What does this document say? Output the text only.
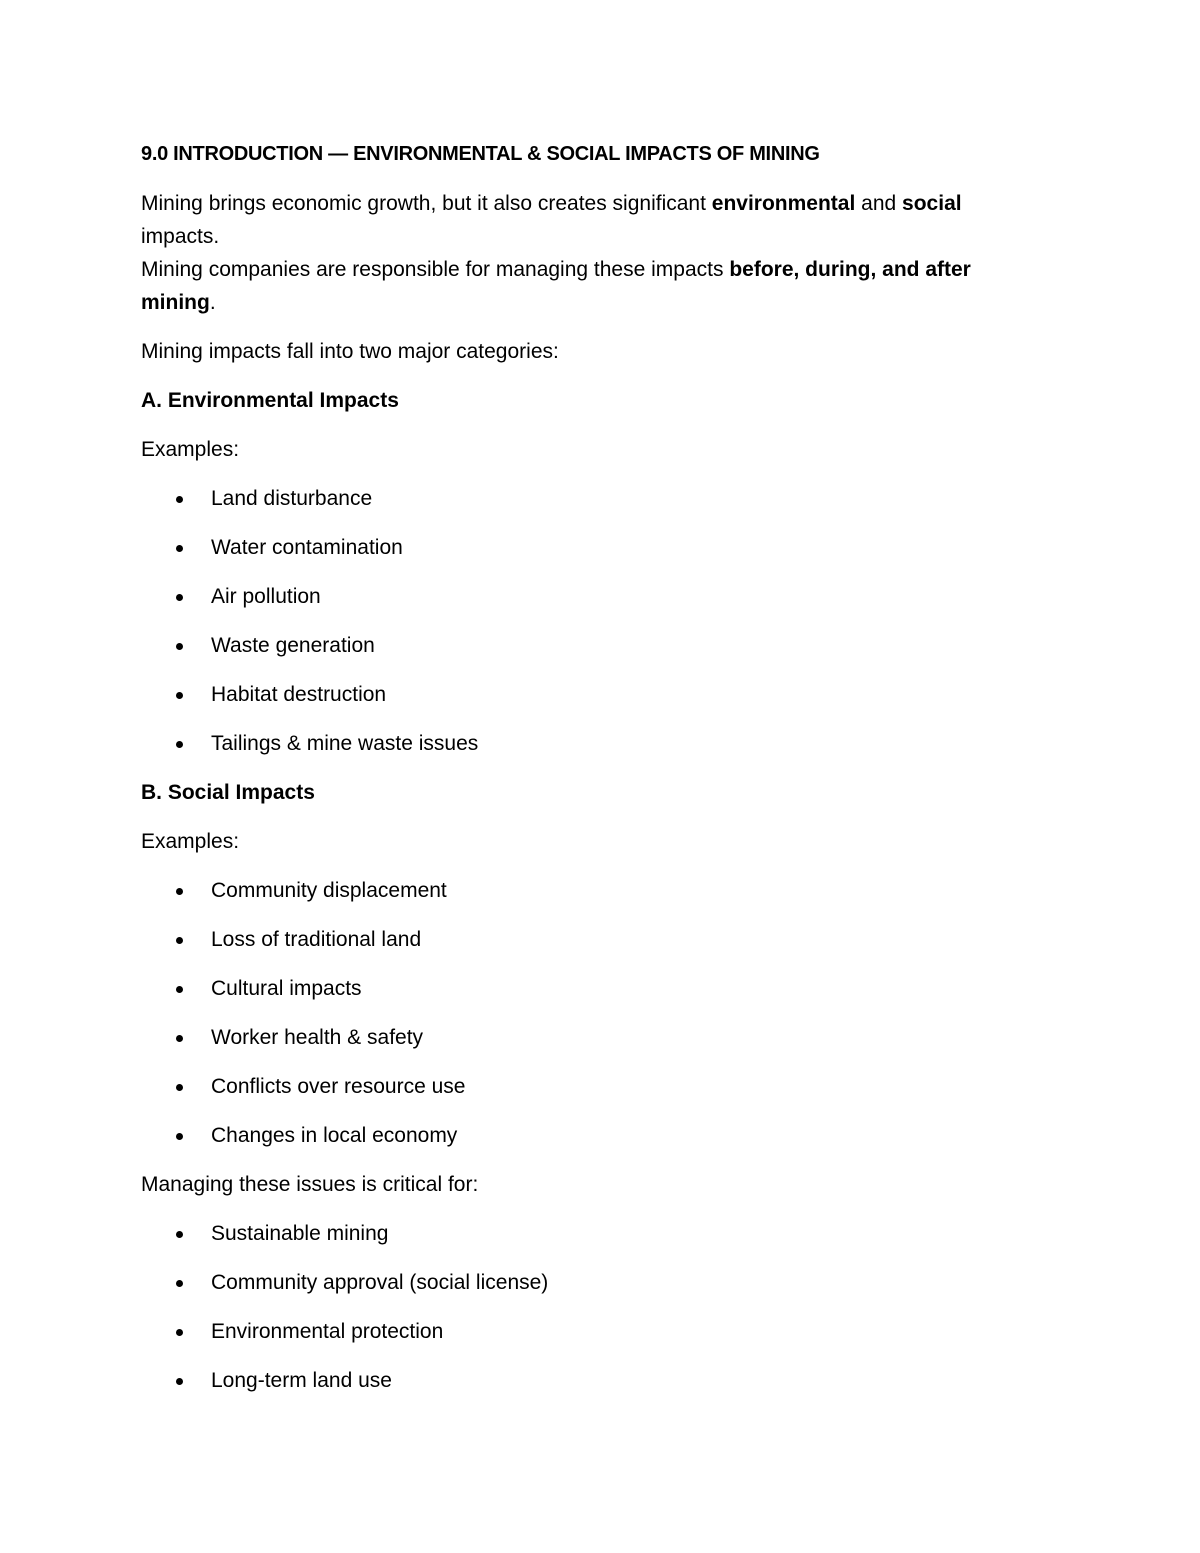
9.0 INTRODUCTION — ENVIRONMENTAL & SOCIAL IMPACTS OF MINING
Mining brings economic growth, but it also creates significant environmental and social
impacts.
Mining companies are responsible for managing these impacts before, during, and after
mining.

Mining impacts fall into two major categories:

A. Environmental Impacts

Examples:

Land disturbance
Water contamination
Air pollution
Waste generation
Habitat destruction
Tailings & mine waste issues
B. Social Impacts

Examples:

Community displacement
Loss of traditional land
Cultural impacts
Worker health & safety
Conflicts over resource use
Changes in local economy

Managing these issues is critical for:

Sustainable mining
Community approval (social license)
Environmental protection
Long-term land use
